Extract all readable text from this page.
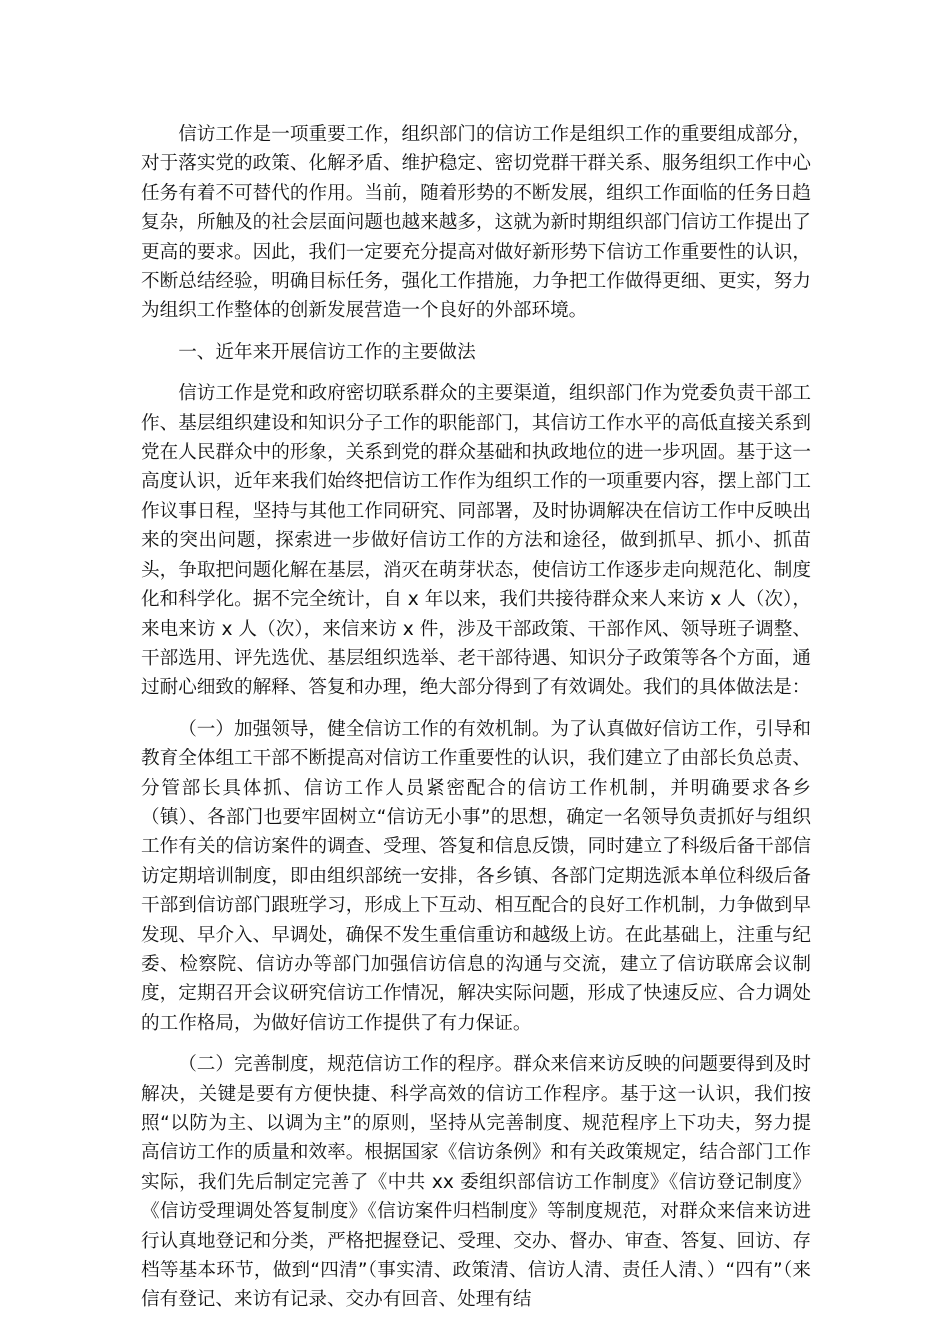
信访工作是一项重要工作，组织部门的信访工作是组织工作的重要组成部分，对于落实党的政策、化解矛盾、维护稳定、密切党群干群关系、服务组织工作中心任务有着不可替代的作用。当前，随着形势的不断发展，组织工作面临的任务日趋复杂，所触及的社会层面问题也越来越多，这就为新时期组织部门信访工作提出了更高的要求。因此，我们一定要充分提高对做好新形势下信访工作重要性的认识，不断总结经验，明确目标任务，强化工作措施，力争把工作做得更细、更实，努力为组织工作整体的创新发展营造一个良好的外部环境。

一、近年来开展信访工作的主要做法

信访工作是党和政府密切联系群众的主要渠道，组织部门作为党委负责干部工作、基层组织建设和知识分子工作的职能部门，其信访工作水平的高低直接关系到党在人民群众中的形象，关系到党的群众基础和执政地位的进一步巩固。基于这一高度认识，近年来我们始终把信访工作作为组织工作的一项重要内容，摆上部门工作议事日程，坚持与其他工作同研究、同部署，及时协调解决在信访工作中反映出来的突出问题，探索进一步做好信访工作的方法和途径，做到抓早、抓小、抓苗头，争取把问题化解在基层，消灭在萌芽状态，使信访工作逐步走向规范化、制度化和科学化。据不完全统计，自 x 年以来，我们共接待群众来人来访 x 人（次），来电来访 x 人（次），来信来访 x 件，涉及干部政策、干部作风、领导班子调整、干部选用、评先选优、基层组织选举、老干部待遇、知识分子政策等各个方面，通过耐心细致的解释、答复和办理，绝大部分得到了有效调处。我们的具体做法是：

（一）加强领导，健全信访工作的有效机制。为了认真做好信访工作，引导和教育全体组工干部不断提高对信访工作重要性的认识，我们建立了由部长负总责、分管部长具体抓、信访工作人员紧密配合的信访工作机制，并明确要求各乡（镇）、各部门也要牢固树立“信访无小事”的思想，确定一名领导负责抓好与组织工作有关的信访案件的调查、受理、答复和信息反馈，同时建立了科级后备干部信访定期培训制度，即由组织部统一安排，各乡镇、各部门定期选派本单位科级后备干部到信访部门跟班学习，形成上下互动、相互配合的良好工作机制，力争做到早发现、早介入、早调处，确保不发生重信重访和越级上访。在此基础上，注重与纪委、检察院、信访办等部门加强信访信息的沟通与交流，建立了信访联席会议制度，定期召开会议研究信访工作情况，解决实际问题，形成了快速反应、合力调处的工作格局，为做好信访工作提供了有力保证。

（二）完善制度，规范信访工作的程序。群众来信来访反映的问题要得到及时解决，关键是要有方便快捷、科学高效的信访工作程序。基于这一认识，我们按照“以防为主、以调为主”的原则，坚持从完善制度、规范程序上下功夫，努力提高信访工作的质量和效率。根据国家《信访条例》和有关政策规定，结合部门工作实际，我们先后制定完善了《中共 xx 委组织部信访工作制度》《信访登记制度》《信访受理调处答复制度》《信访案件归档制度》等制度规范，对群众来信来访进行认真地登记和分类，严格把握登记、受理、交办、督办、审查、答复、回访、存档等基本环节，做到“四清”（事实清、政策清、信访人清、责任人清、）“四有”（来信有登记、来访有记录、交办有回音、处理有结
